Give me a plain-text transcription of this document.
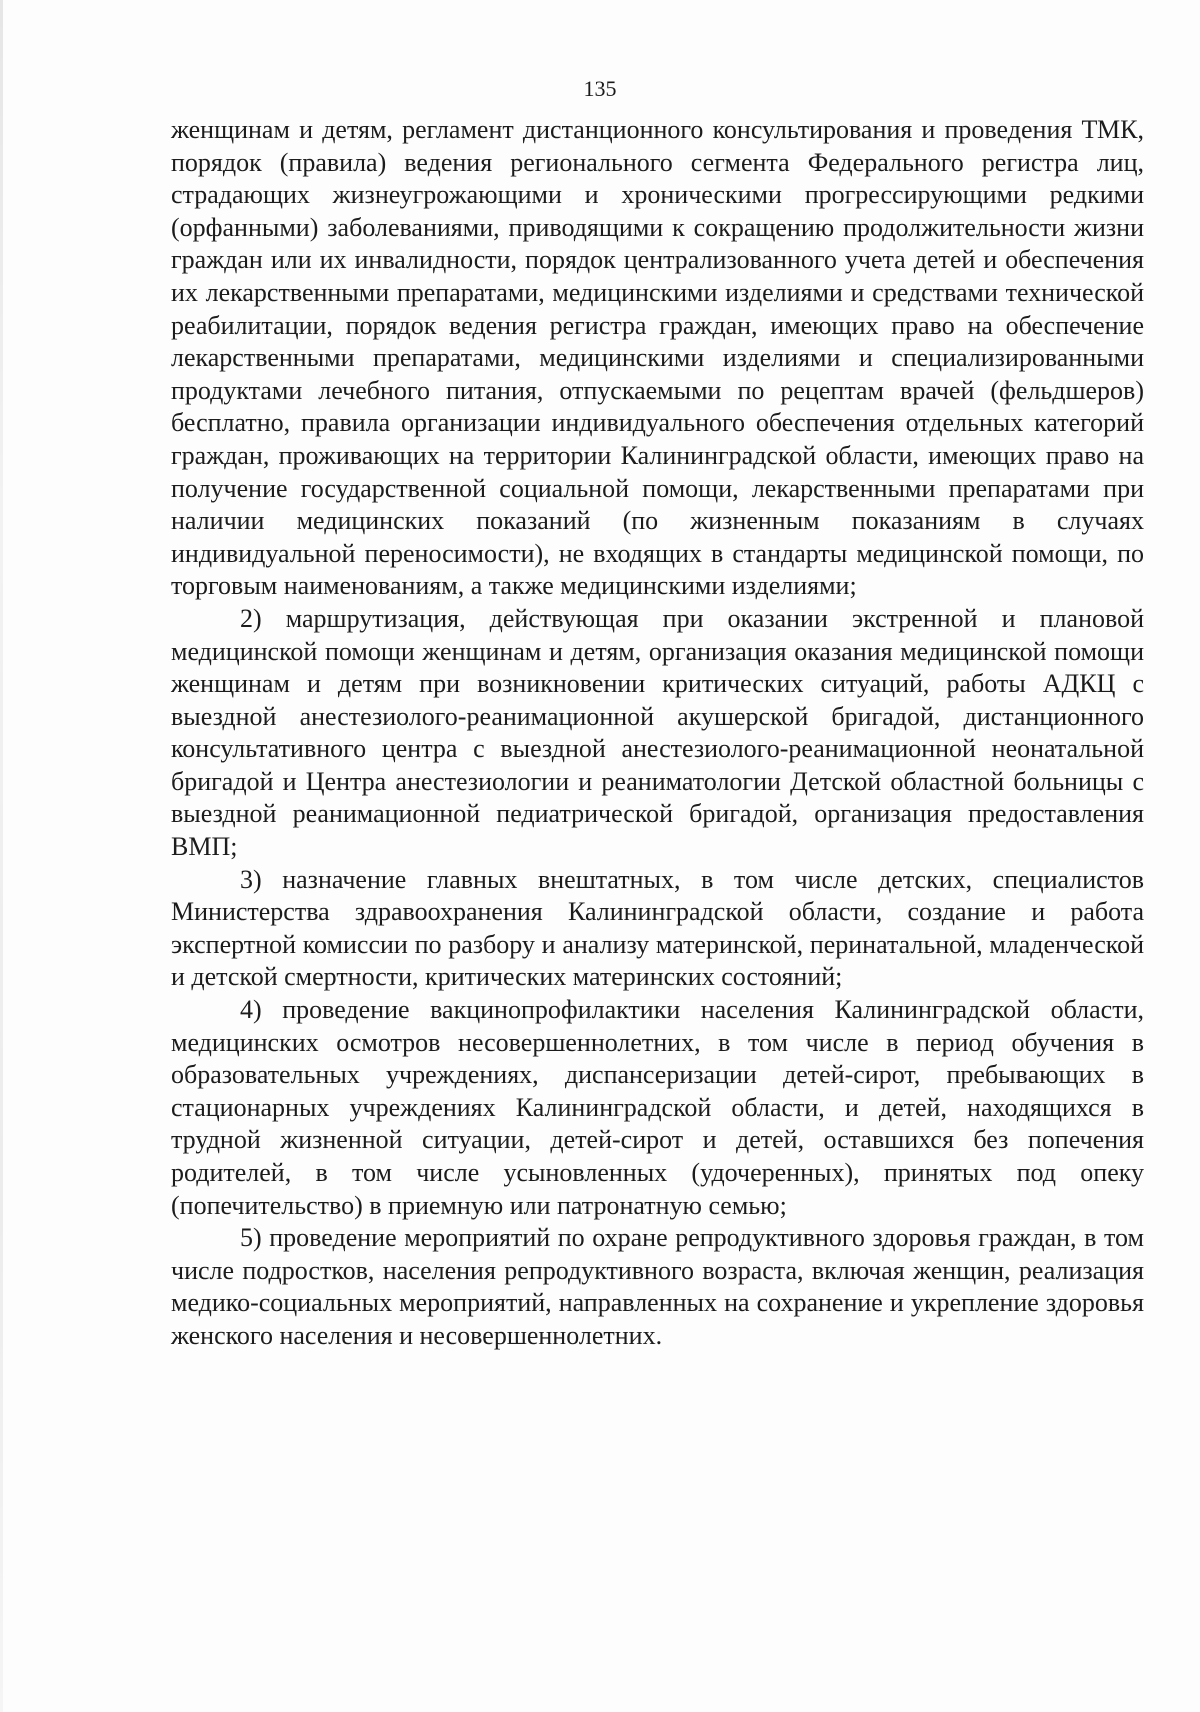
135

женщинам и детям, регламент дистанционного консультирования и проведения ТМК, порядок (правила) ведения регионального сегмента Федерального регистра лиц, страдающих жизнеугрожающими и хроническими прогрессирующими редкими (орфанными) заболеваниями, приводящими к сокращению продолжительности жизни граждан или их инвалидности, порядок централизованного учета детей и обеспечения их лекарственными препаратами, медицинскими изделиями и средствами технической реабилитации, порядок ведения регистра граждан, имеющих право на обеспечение лекарственными препаратами, медицинскими изделиями и специализированными продуктами лечебного питания, отпускаемыми по рецептам врачей (фельдшеров) бесплатно, правила организации индивидуального обеспечения отдельных категорий граждан, проживающих на территории Калининградской области, имеющих право на получение государственной социальной помощи, лекарственными препаратами при наличии медицинских показаний (по жизненным показаниям в случаях индивидуальной переносимости), не входящих в стандарты медицинской помощи, по торговым наименованиям, а также медицинскими изделиями;

2) маршрутизация, действующая при оказании экстренной и плановой медицинской помощи женщинам и детям, организация оказания медицинской помощи женщинам и детям при возникновении критических ситуаций, работы АДКЦ с выездной анестезиолого-реанимационной акушерской бригадой, дистанционного консультативного центра с выездной анестезиолого-реанимационной неонатальной бригадой и Центра анестезиологии и реаниматологии Детской областной больницы с выездной реанимационной педиатрической бригадой, организация предоставления ВМП;

3) назначение главных внештатных, в том числе детских, специалистов Министерства здравоохранения Калининградской области, создание и работа экспертной комиссии по разбору и анализу материнской, перинатальной, младенческой и детской смертности, критических материнских состояний;

4) проведение вакцинопрофилактики населения Калининградской области, медицинских осмотров несовершеннолетних, в том числе в период обучения в образовательных учреждениях, диспансеризации детей-сирот, пребывающих в стационарных учреждениях Калининградской области, и детей, находящихся в трудной жизненной ситуации, детей-сирот и детей, оставшихся без попечения родителей, в том числе усыновленных (удочеренных), принятых под опеку (попечительство) в приемную или патронатную семью;

5) проведение мероприятий по охране репродуктивного здоровья граждан, в том числе подростков, населения репродуктивного возраста, включая женщин, реализация медико-социальных мероприятий, направленных на сохранение и укрепление здоровья женского населения и несовершеннолетних.
